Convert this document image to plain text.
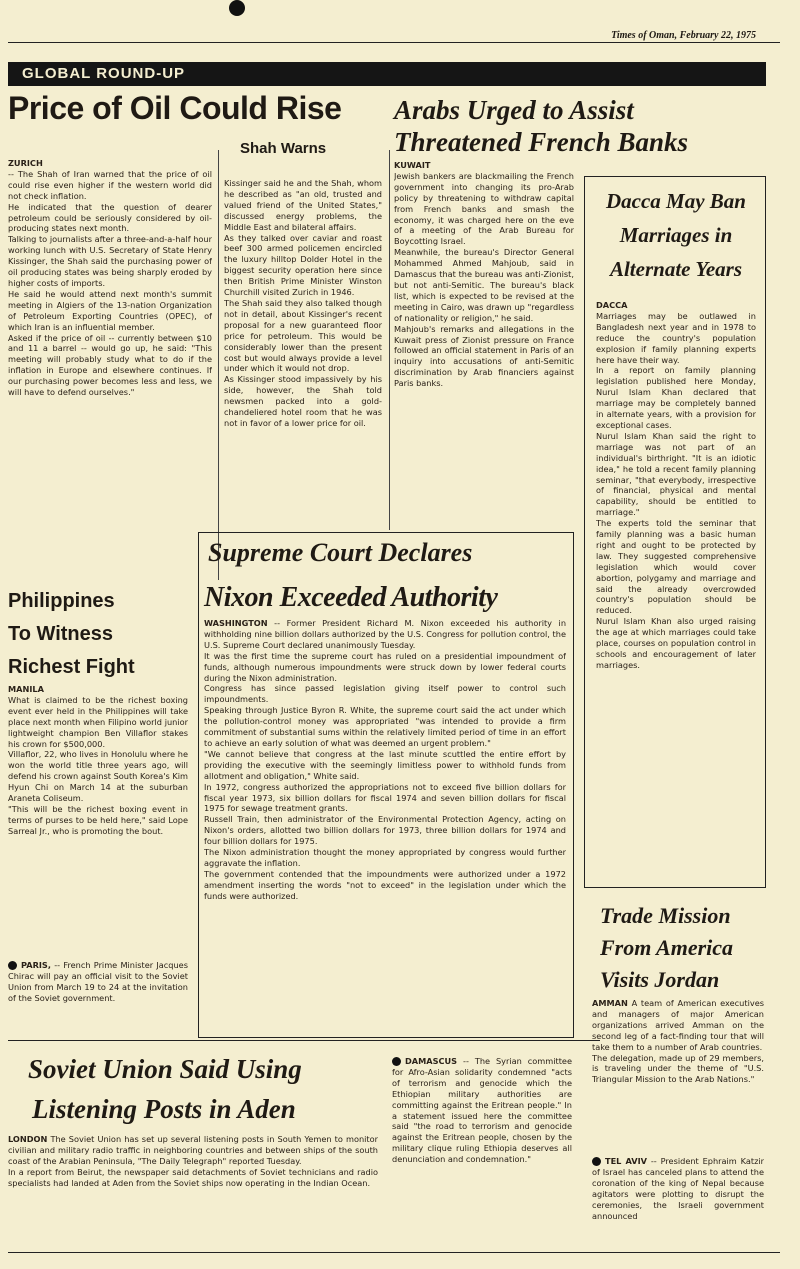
Times of Oman, February 22, 1975
GLOBAL ROUND-UP
Price of Oil Could Rise
Shah Warns
ZURICH
-- The Shah of Iran warned that the price of oil could rise even higher if the western world did not check inflation.
He indicated that the question of dearer petroleum could be seriously considered by oil-producing states next month.
Talking to journalists after a three-and-a-half hour working lunch with U.S. Secretary of State Henry Kissinger, the Shah said the purchasing power of oil producing states was being sharply eroded by higher costs of imports.
He said he would attend next month's summit meeting in Algiers of the 13-nation Organization of Petroleum Exporting Countries (OPEC), of which Iran is an influential member.
Asked if the price of oil -- currently between $10 and 11 a barrel -- would go up, he said: "This meeting will probably study what to do if the inflation in Europe and elsewhere continues. If our purchasing power becomes less and less, we will have to defend ourselves."
Kissinger said he and the Shah, whom he described as "an old, trusted and valued friend of the United States," discussed energy problems, the Middle East and bilateral affairs.
As they talked over caviar and roast beef 300 armed policemen encircled the luxury hilltop Dolder Hotel in the biggest security operation here since then British Prime Minister Winston Churchill visited Zurich in 1946.
The Shah said they also talked though not in detail, about Kissinger's recent proposal for a new guaranteed floor price for petroleum. This would be considerably lower than the present cost but would always provide a level under which it would not drop.
As Kissinger stood impassively by his side, however, the Shah told newsmen packed into a gold-chandeliered hotel room that he was not in favor of a lower price for oil.
Arabs Urged to Assist
Threatened French Banks
KUWAIT
Jewish bankers are blackmailing the French government into changing its pro-Arab policy by threatening to withdraw capital from French banks and smash the economy, it was charged here on the eve of a meeting of the Arab Bureau for Boycotting Israel.
Meanwhile, the bureau's Director General Mohammed Ahmed Mahjoub, said in Damascus that the bureau was anti-Zionist, but not anti-Semitic. The bureau's black list, which is expected to be revised at the meeting in Cairo, was drawn up "regardless of nationality or religion," he said.
Mahjoub's remarks and allegations in the Kuwait press of Zionist pressure on France followed an official statement in Paris of an inquiry into accusations of anti-Semitic discrimination by Arab financiers against Paris banks.
Dacca May Ban
Marriages in
Alternate Years
DACCA
Marriages may be outlawed in Bangladesh next year and in 1978 to reduce the country's population explosion if family planning experts here have their way.
In a report on family planning legislation published here Monday, Nurul Islam Khan declared that marriage may be completely banned in alternate years, with a provision for exceptional cases.
Nurul Islam Khan said the right to marriage was not part of an individual's birthright. "It is an idiotic idea," he told a recent family planning seminar, "that everybody, irrespective of financial, physical and mental capability, should be entitled to marriage."
The experts told the seminar that family planning was a basic human right and ought to be protected by law. They suggested comprehensive legislation which would cover abortion, polygamy and marriage and said the already overcrowded country's population should be reduced.
Nurul Islam Khan also urged raising the age at which marriages could take place, courses on population control in schools and encouragement of later marriages.
Supreme Court Declares
Nixon Exceeded Authority
WASHINGTON -- Former President Richard M. Nixon exceeded his authority in withholding nine billion dollars authorized by the U.S. Congress for pollution control, the U.S. Supreme Court declared unanimously Tuesday.
It was the first time the supreme court has ruled on a presidential impoundment of funds, although numerous impoundments were struck down by lower federal courts during the Nixon administration.
Congress has since passed legislation giving itself power to control such impoundments.
Speaking through Justice Byron R. White, the supreme court said the act under which the pollution-control money was appropriated "was intended to provide a firm commitment of substantial sums within the relatively limited period of time in an effort to achieve an early solution of what was deemed an urgent problem."
"We cannot believe that congress at the last minute scuttled the entire effort by providing the executive with the seemingly limitless power to withhold funds from allotment and obligation," White said.
In 1972, congress authorized the appropriations not to exceed five billion dollars for fiscal year 1973, six billion dollars for fiscal 1974 and seven billion dollars for fiscal 1975 for sewage treatment grants.
Russell Train, then administrator of the Environmental Protection Agency, acting on Nixon's orders, allotted two billion dollars for 1973, three billion dollars for 1974 and four billion dollars for 1975.
The Nixon administration thought the money appropriated by congress would further aggravate the inflation.
The government contended that the impoundments were authorized under a 1972 amendment inserting the words "not to exceed" in the legislation under which the funds were authorized.
Philippines
To Witness
Richest Fight
MANILA
What is claimed to be the richest boxing event ever held in the Philippines will take place next month when Filipino world junior lightweight champion Ben Villaflor stakes his crown for $500,000.
Villaflor, 22, who lives in Honolulu where he won the world title three years ago, will defend his crown against South Korea's Kim Hyun Chi on March 14 at the suburban Araneta Coliseum.
"This will be the richest boxing event in terms of purses to be held here," said Lope Sarreal Jr., who is promoting the bout.
PARIS, -- French Prime Minister Jacques Chirac will pay an official visit to the Soviet Union from March 19 to 24 at the invitation of the Soviet government.
Soviet Union Said Using
Listening Posts in Aden
LONDON The Soviet Union has set up several listening posts in South Yemen to monitor civilian and military radio traffic in neighboring countries and between ships of the south coast of the Arabian Peninsula, "The Daily Telegraph" reported Tuesday.
In a report from Beirut, the newspaper said detachments of Soviet technicians and radio specialists had landed at Aden from the Soviet ships now operating in the Indian Ocean.
DAMASCUS -- The Syrian committee for Afro-Asian solidarity condemned "acts of terrorism and genocide which the Ethiopian military authorities are committing against the Eritrean people." In a statement issued here the committee said "the road to terrorism and genocide against the Eritrean people, chosen by the military clique ruling Ethiopia deserves all denunciation and condemnation."
Trade Mission
From America
Visits Jordan
AMMAN A team of American executives and managers of major American organizations arrived Amman on the second leg of a fact-finding tour that will take them to a number of Arab countries.
The delegation, made up of 29 members, is traveling under the theme of "U.S. Triangular Mission to the Arab Nations."
TEL AVIV -- President Ephraim Katzir of Israel has canceled plans to attend the coronation of the king of Nepal because agitators were plotting to disrupt the ceremonies, the Israeli government announced
